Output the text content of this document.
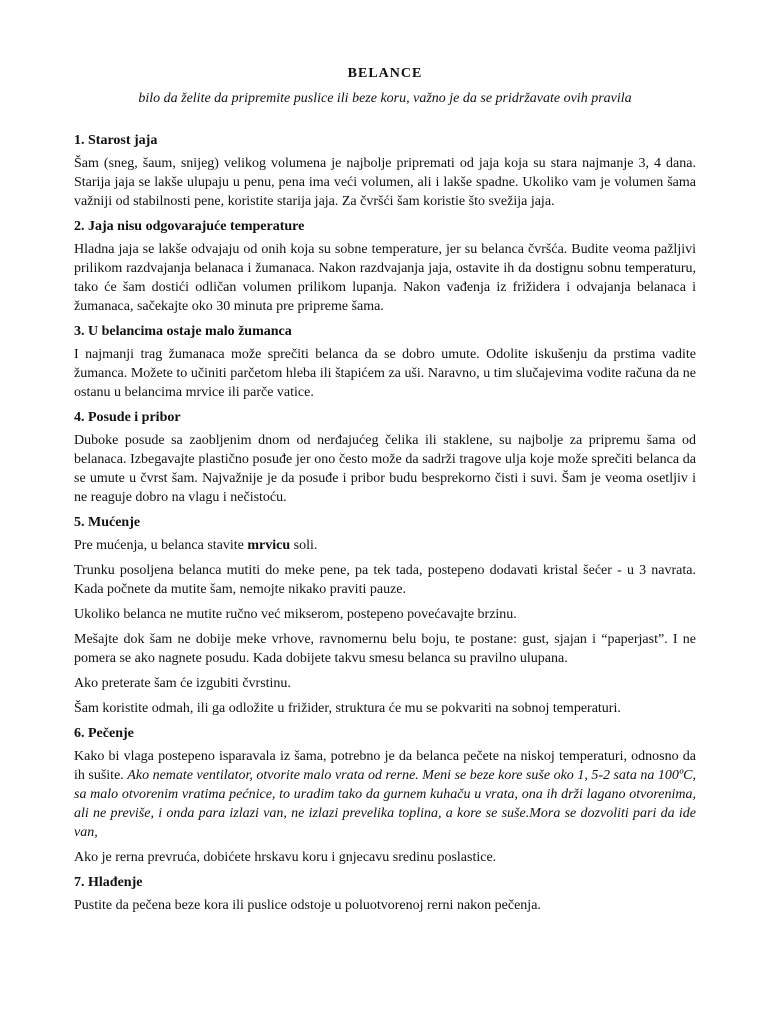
BELANCE
bilo da želite da pripremite puslice ili beze koru, važno je da se pridržavate ovih pravila
1. Starost jaja

Šam (sneg, šaum, snijeg) velikog volumena je najbolje pripremati od jaja koja su stara najmanje 3, 4 dana. Starija jaja se lakše ulupaju u penu, pena ima veći volumen, ali i lakše spadne. Ukoliko vam je volumen šama važniji od stabilnosti pene, koristite starija jaja. Za čvršći šam koristie što svežija jaja.

2. Jaja nisu odgovarajuće temperature

Hladna jaja se lakše odvajaju od onih koja su sobne temperature, jer su belanca čvršća. Budite veoma pažljivi prilikom razdvajanja belanaca i žumanaca. Nakon razdvajanja jaja, ostavite ih da dostignu sobnu temperaturu, tako će šam dostići odličan volumen prilikom lupanja. Nakon vađenja iz frižidera i odvajanja belanaca i žumanaca, sačekajte oko 30 minuta pre pripreme šama.

3. U belancima ostaje malo žumanca

I najmanji trag žumanaca može sprečiti belanca da se dobro umute. Odolite iskušenju da prstima vadite žumanca. Možete to učiniti parčetom hleba ili štapićem za uši. Naravno, u tim slučajevima vodite računa da ne ostanu u belancima mrvice ili parče vatice.

4. Posude i pribor

Duboke posude sa zaobljenim dnom od nerđajućeg čelika ili staklene, su najbolje za pripremu šama od belanaca. Izbegavajte plastično posuđe jer ono često može da sadrži tragove ulja koje može sprečiti belanca da se umute u čvrst šam. Najvažnije je da posuđe i pribor budu besprekorno čisti i suvi. Šam je veoma osetljiv i ne reaguje dobro na vlagu i nečistoću.

5. Mućenje

Pre mućenja, u belanca stavite mrvicu soli.

Trunku posoljena belanca mutiti do meke pene, pa tek tada, postepeno dodavati kristal šećer - u 3 navrata. Kada počnete da mutite šam, nemojte nikako praviti pauze.

Ukoliko belanca ne mutite ručno već mikserom, postepeno povećavajte brzinu.

Mešajte dok šam ne dobije meke vrhove, ravnomernu belu boju, te postane: gust, sjajan i “paperjast”. I ne pomera se ako nagnete posudu. Kada dobijete takvu smesu belanca su pravilno ulupana.

Ako preterate šam će izgubiti čvrstinu.

Šam koristite odmah, ili ga odložite u frižider, struktura će mu se pokvariti na sobnoj temperaturi.

6. Pečenje

Kako bi vlaga postepeno isparavala iz šama, potrebno je da belanca pečete na niskoj temperaturi, odnosno da ih sušite. Ako nemate ventilator, otvorite malo vrata od rerne. Meni se beze kore suše oko 1, 5-2 sata na 100ºC, sa malo otvorenim vratima pećnice, to uradim tako da gurnem kuhaču u vrata, ona ih drži lagano otvorenima, ali ne previše, i onda para izlazi van, ne izlazi prevelika toplina, a kore se suše.Mora se dozvoliti pari da ide van,

Ako je rerna prevruća, dobićete hrskavu koru i gnjecavu sredinu poslastice.

7. Hlađenje

Pustite da pečena beze kora ili puslice odstoje u poluotvorenoj rerni nakon pečenja.
